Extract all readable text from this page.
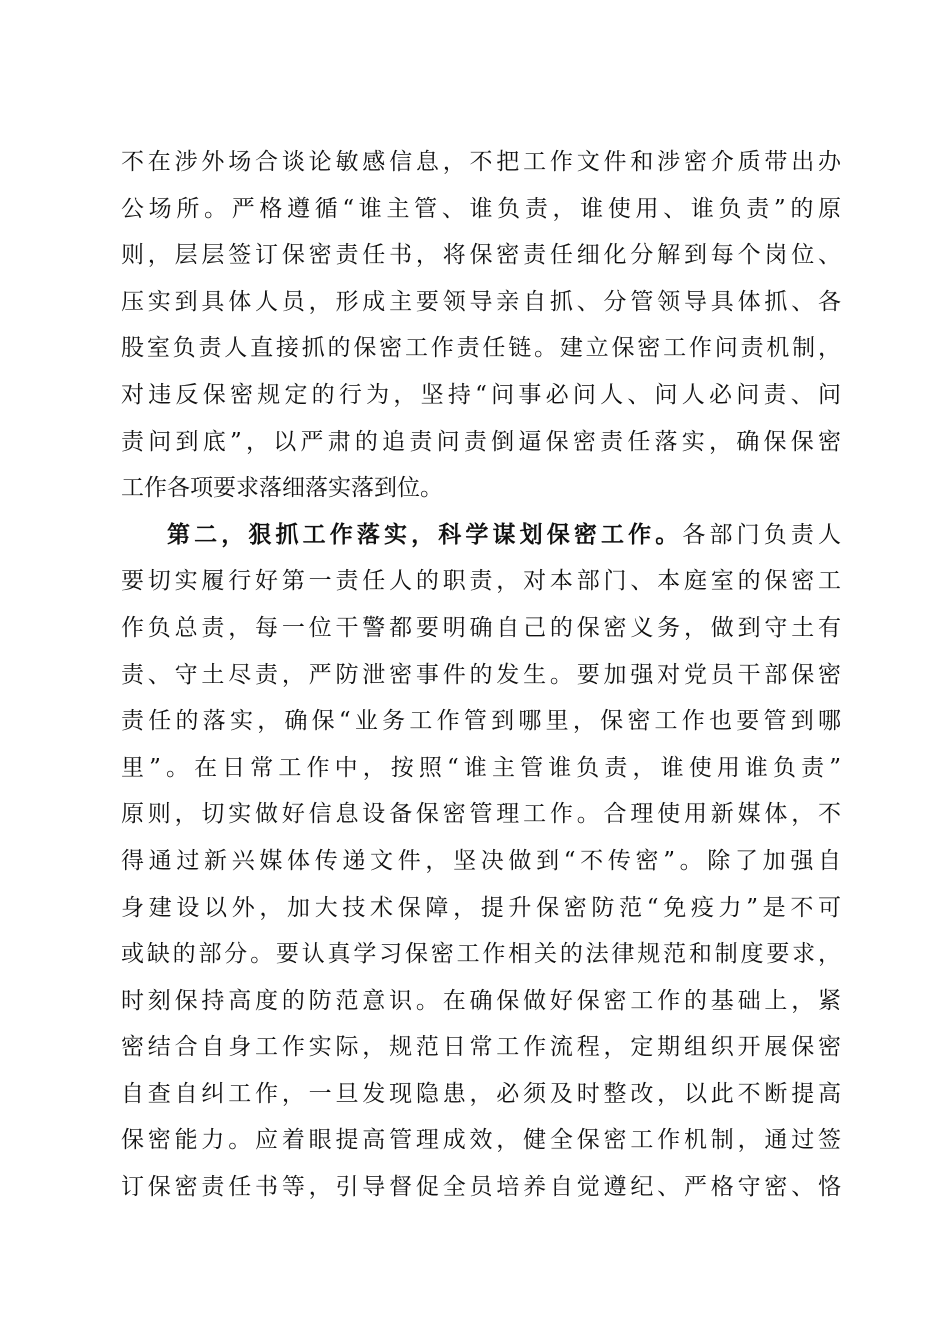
不在涉外场合谈论敏感信息，不把工作文件和涉密介质带出办
公场所。严格遵循“谁主管、谁负责，谁使用、谁负责”的原
则，层层签订保密责任书，将保密责任细化分解到每个岗位、
压实到具体人员，形成主要领导亲自抓、分管领导具体抓、各
股室负责人直接抓的保密工作责任链。建立保密工作问责机制，
对违反保密规定的行为，坚持“问事必问人、问人必问责、问
责问到底”，以严肃的追责问责倒逼保密责任落实，确保保密
工作各项要求落细落实落到位。
第二，狠抓工作落实，科学谋划保密工作。各部门负责人
要切实履行好第一责任人的职责，对本部门、本庭室的保密工
作负总责，每一位干警都要明确自己的保密义务，做到守土有
责、守土尽责，严防泄密事件的发生。要加强对党员干部保密
责任的落实，确保“业务工作管到哪里，保密工作也要管到哪
里”。在日常工作中，按照“谁主管谁负责，谁使用谁负责”
原则，切实做好信息设备保密管理工作。合理使用新媒体，不
得通过新兴媒体传递文件，坚决做到“不传密”。除了加强自
身建设以外，加大技术保障，提升保密防范“免疫力”是不可
或缺的部分。要认真学习保密工作相关的法律规范和制度要求，
时刻保持高度的防范意识。在确保做好保密工作的基础上，紧
密结合自身工作实际，规范日常工作流程，定期组织开展保密
自查自纠工作，一旦发现隐患，必须及时整改，以此不断提高
保密能力。应着眼提高管理成效，健全保密工作机制，通过签
订保密责任书等，引导督促全员培养自觉遵纪、严格守密、恪
